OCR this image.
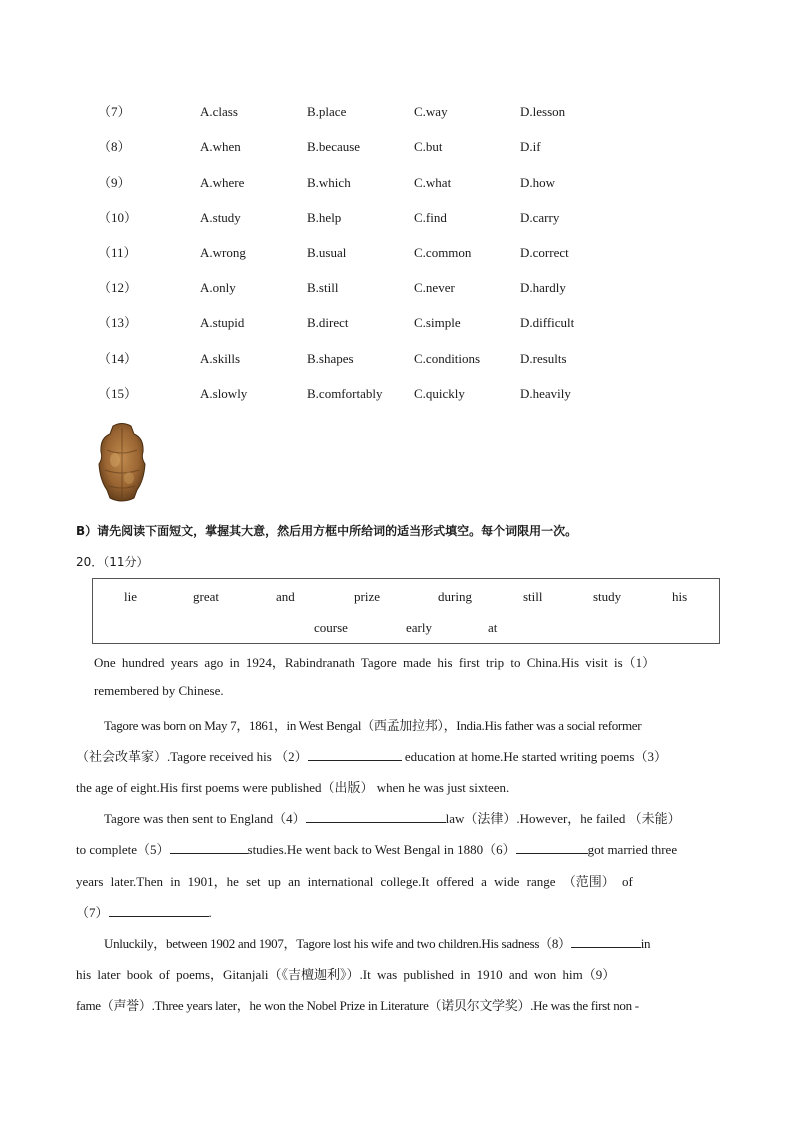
（7）	A.class	B.place	C.way	D.lesson
（8）	A.when	B.because	C.but	D.if
（9）	A.where	B.which	C.what	D.how
（10）	A.study	B.help	C.find	D.carry
（11）	A.wrong	B.usual	C.common	D.correct
（12）	A.only	B.still	C.never	D.hardly
（13）	A.stupid	B.direct	C.simple	D.difficult
（14）	A.skills	B.shapes	C.conditions	D.results
（15）	A.slowly	B.comfortably C.quickly	D.heavily
B）请先阅读下面短文，掌握其大意，然后用方框中所给词的适当形式填空。每个词限用一次。
20．（11分）
lie	great	and	prize	during	still	study	his
course	early	at
One hundred years ago in 1924，Rabindranath Tagore made his first trip to China.His visit is（1）
remembered by Chinese.
Tagore was born on May 7，1861，in West Bengal（西孟加拉邦），India.His father was a social reformer
（社会改革家）.Tagore received his （2）	education at home.He started writing poems（3）
the age of eight.His first poems were published（出版） when he was just sixteen.
Tagore was then sent to England（4）	law（法律）.However，he failed （未能）
to complete（5）	studies.He went back to West Bengal in 1880（6）	got married three
years later.Then in 1901，he set up an international college.It offered a wide range （范围） of
（7）	.
Unluckily，between 1902 and 1907，Tagore lost his wife and two children.His sadness（8）	in
his later book of poems，Gitanjali（《吉檀迦利》）.It was published in 1910 and won him（9）
fame（声誉）.Three years later，he won the Nobel Prize in Literature（诺贝尔文学奖）.He was the first non -
